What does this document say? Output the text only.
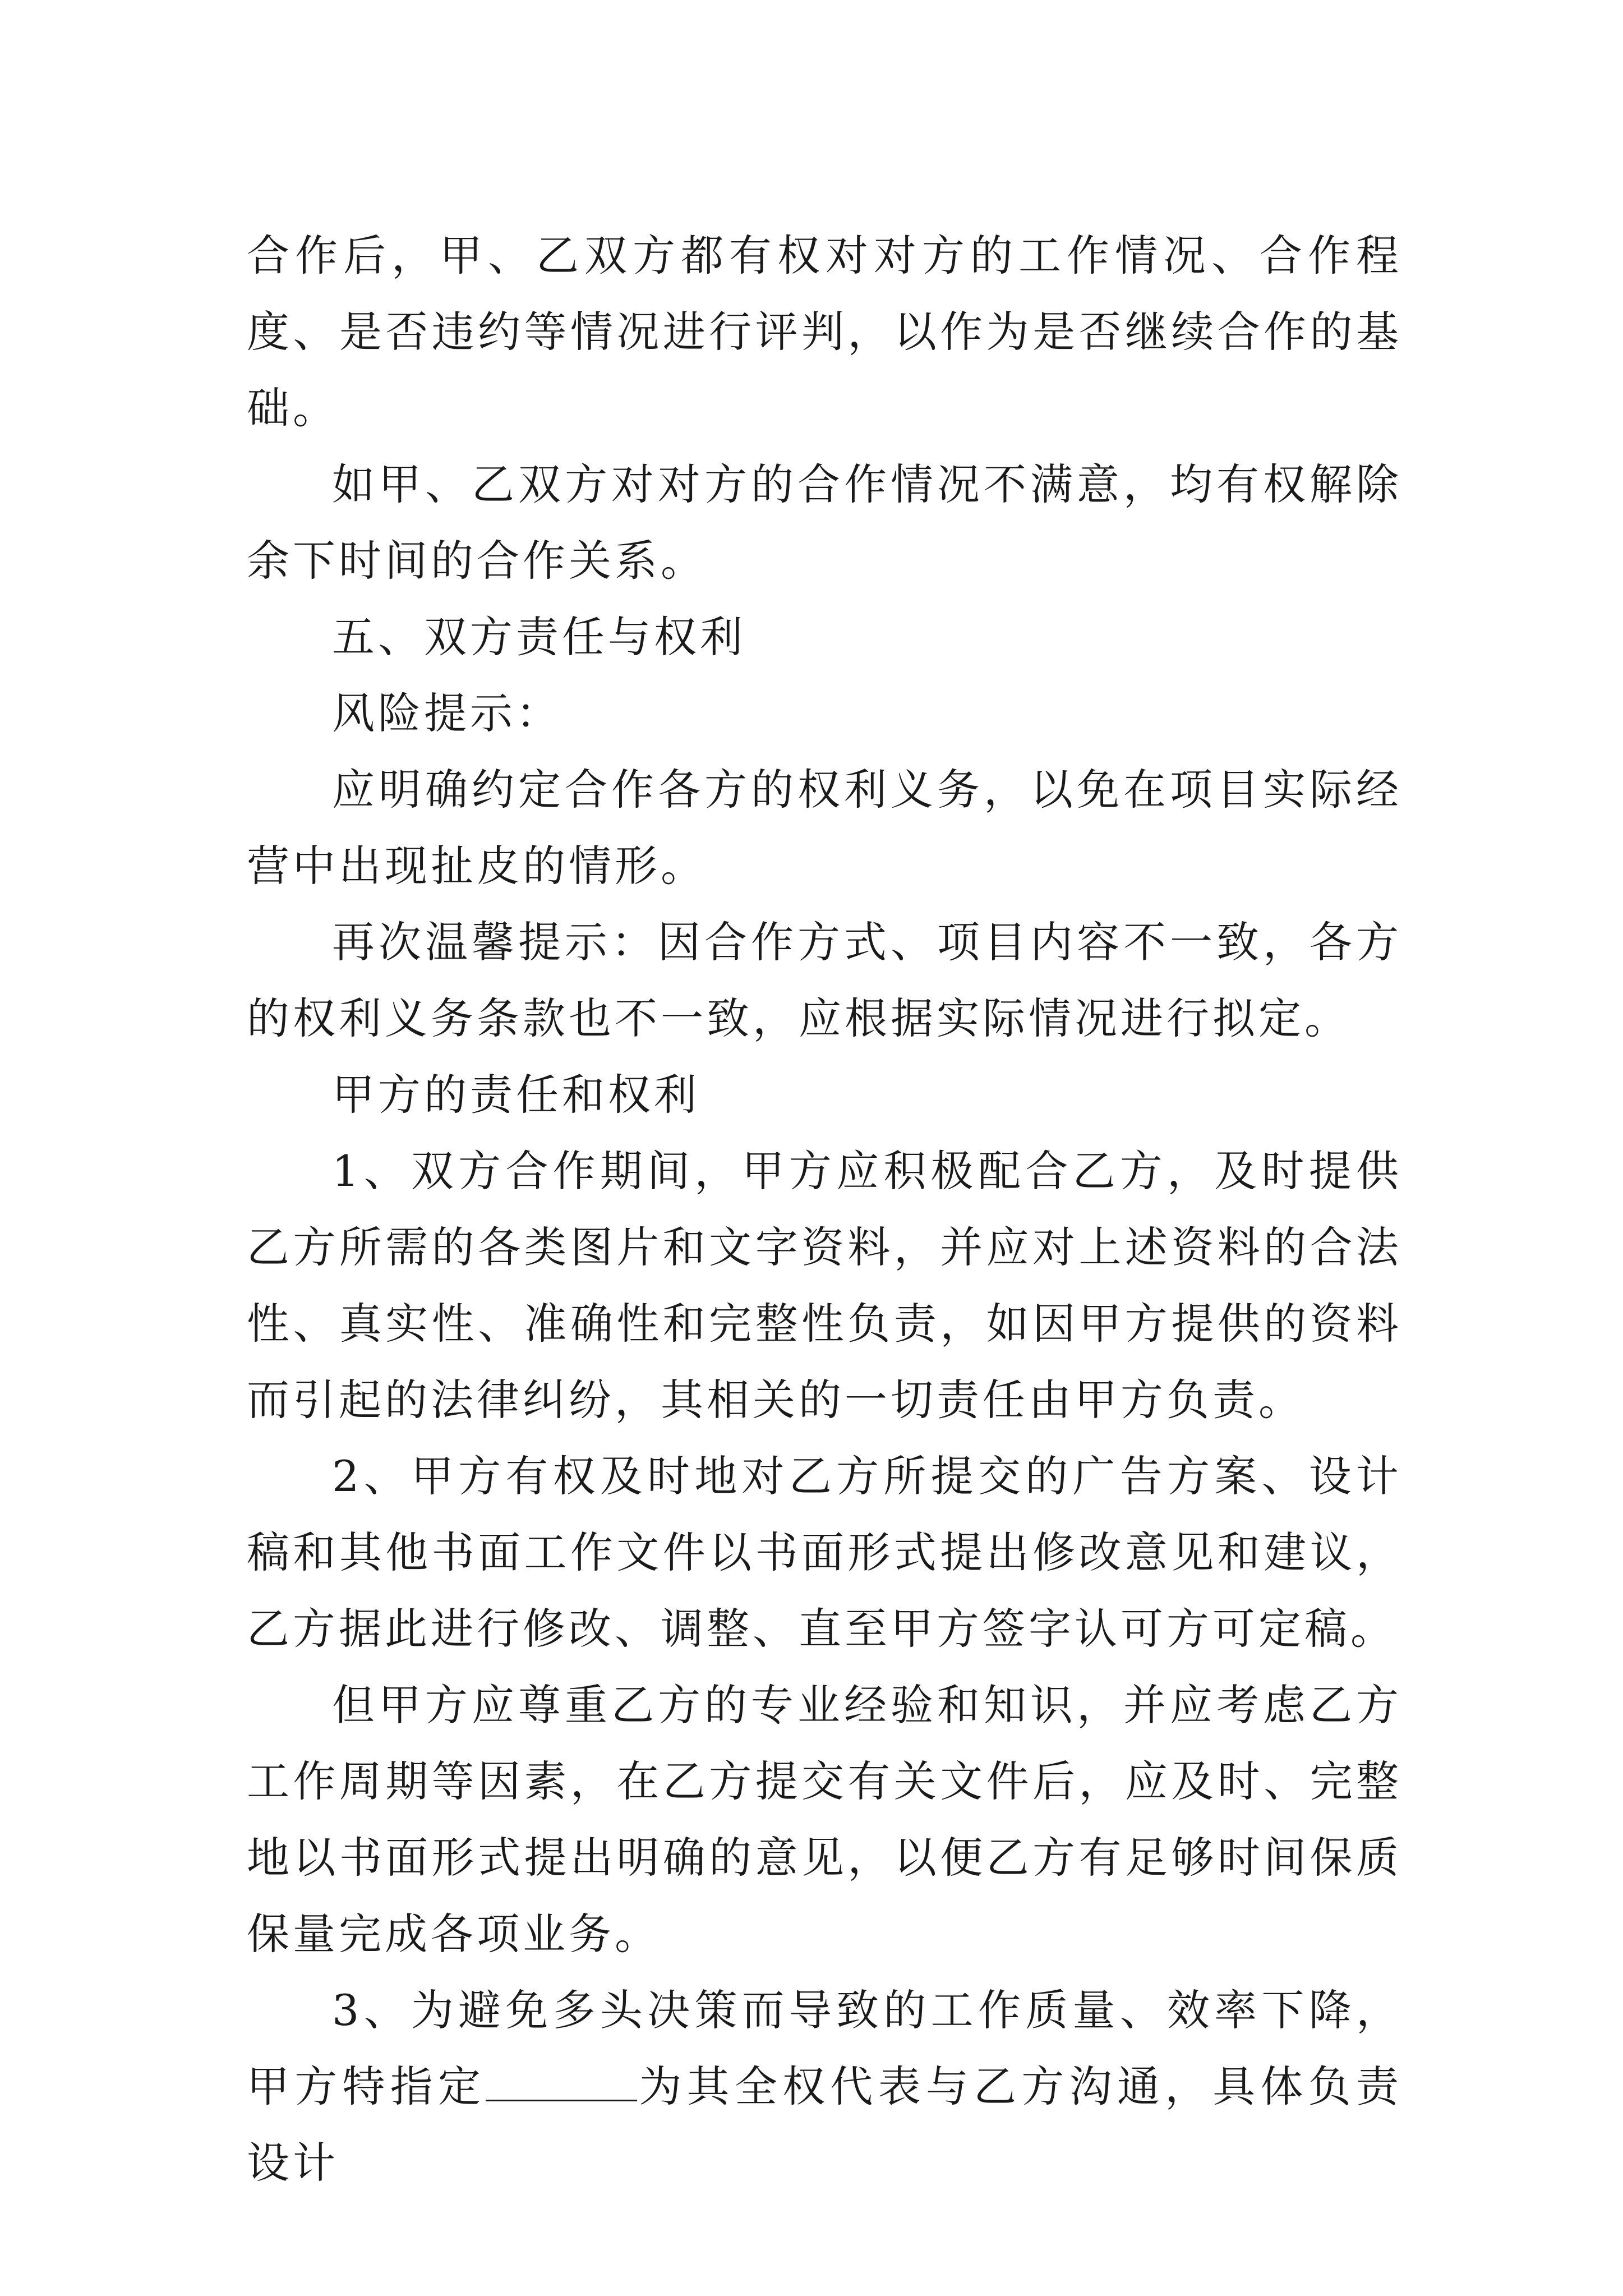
合作后，甲、乙双方都有权对对方的工作情况、合作程度、是否违约等情况进行评判，以作为是否继续合作的基础。

如甲、乙双方对对方的合作情况不满意，均有权解除余下时间的合作关系。

五、双方责任与权利

风险提示：

应明确约定合作各方的权利义务，以免在项目实际经营中出现扯皮的情形。

再次温馨提示：因合作方式、项目内容不一致，各方的权利义务条款也不一致，应根据实际情况进行拟定。

甲方的责任和权利

1、双方合作期间，甲方应积极配合乙方，及时提供乙方所需的各类图片和文字资料，并应对上述资料的合法性、真实性、准确性和完整性负责，如因甲方提供的资料而引起的法律纠纷，其相关的一切责任由甲方负责。

2、甲方有权及时地对乙方所提交的广告方案、设计稿和其他书面工作文件以书面形式提出修改意见和建议，乙方据此进行修改、调整、直至甲方签字认可方可定稿。

但甲方应尊重乙方的专业经验和知识，并应考虑乙方工作周期等因素，在乙方提交有关文件后，应及时、完整地以书面形式提出明确的意见，以便乙方有足够时间保质保量完成各项业务。

3、为避免多头决策而导致的工作质量、效率下降，甲方特指定	为其全权代表与乙方沟通，具体负责设计
